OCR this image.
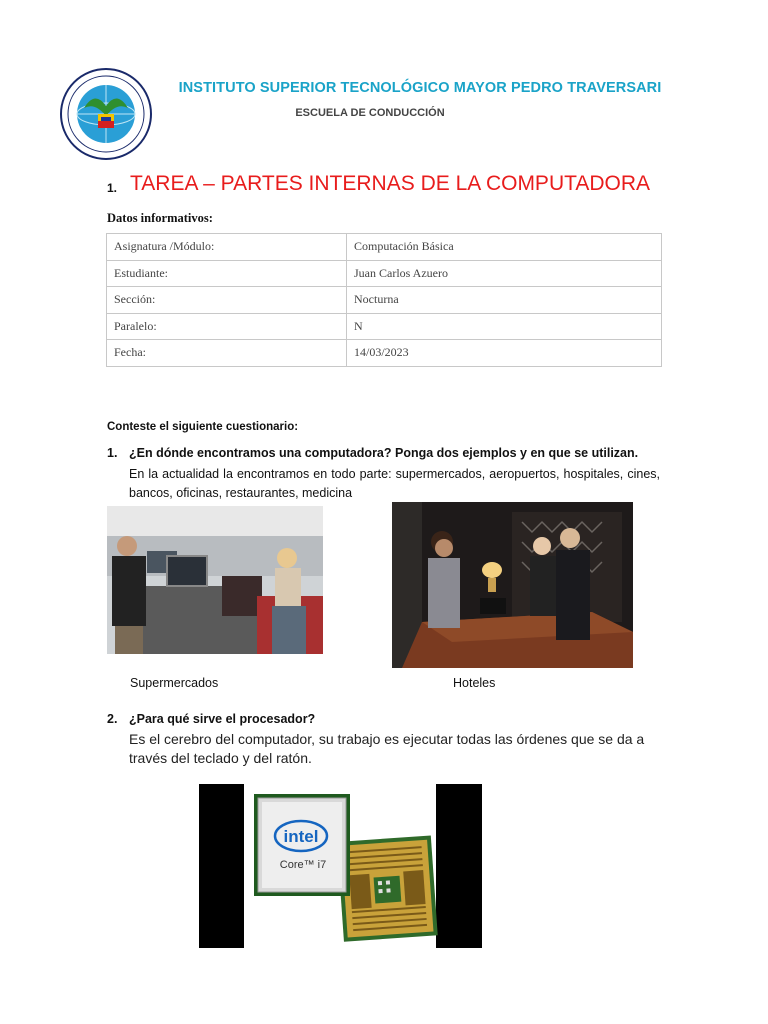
INSTITUTO SUPERIOR TECNOLÓGICO MAYOR PEDRO TRAVERSARI
ESCUELA DE CONDUCCIÓN
1. TAREA – PARTES INTERNAS DE LA COMPUTADORA
Datos informativos:
Asignatura /Módulo:	Computación Básica
Estudiante:	Juan Carlos Azuero
Sección:	Nocturna
Paralelo:	N
Fecha:	14/03/2023
Conteste el siguiente cuestionario:
1. ¿En dónde encontramos una computadora? Ponga dos ejemplos y en que se utilizan.
En la actualidad la encontramos en todo parte: supermercados, aeropuertos, hospitales, cines, bancos, oficinas, restaurantes, medicina
Supermercados	Hoteles
2. ¿Para qué sirve el procesador?
Es el cerebro del computador, su trabajo es ejecutar todas las órdenes que se da a través del teclado y del ratón.
intel
Core™ i7
